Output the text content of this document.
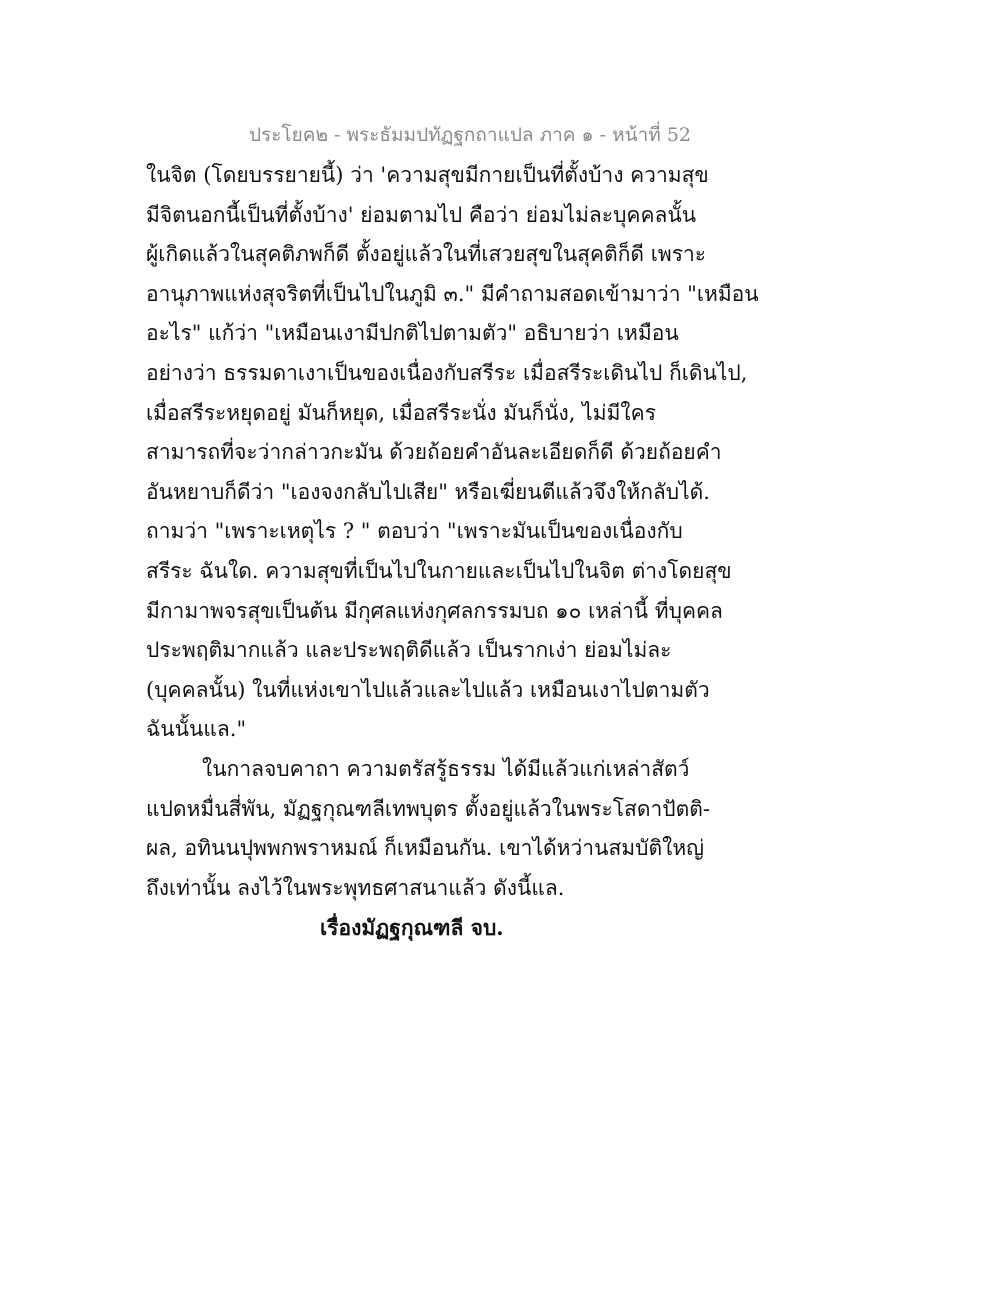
ประโยค๒ - พระธัมมปทัฏฐกถาแปล ภาค ๑ - หน้าที่ 52
ในจิต (โดยบรรยายนี้) ว่า 'ความสุขมีกายเป็นที่ตั้งบ้าง ความสุข
มีจิตนอกนี้เป็นที่ตั้งบ้าง' ย่อมตามไป คือว่า ย่อมไม่ละบุคคลนั้น
ผู้เกิดแล้วในสุคติภพก็ดี ตั้งอยู่แล้วในที่เสวยสุขในสุคติก็ดี เพราะ
อานุภาพแห่งสุจริตที่เป็นไปในภูมิ ๓." มีคำถามสอดเข้ามาว่า "เหมือน
อะไร" แก้ว่า "เหมือนเงามีปกติไปตามตัว" อธิบายว่า เหมือน
อย่างว่า ธรรมดาเงาเป็นของเนื่องกับสรีระ เมื่อสรีระเดินไป ก็เดินไป,
เมื่อสรีระหยุดอยู่ มันก็หยุด, เมื่อสรีระนั่ง มันก็นั่ง, ไม่มีใคร
สามารถที่จะว่ากล่าวกะมัน ด้วยถ้อยคำอันละเอียดก็ดี ด้วยถ้อยคำ
อันหยาบก็ดีว่า "เองจงกลับไปเสีย" หรือเฆี่ยนตีแล้วจึงให้กลับได้.
ถามว่า "เพราะเหตุไร ? " ตอบว่า "เพราะมันเป็นของเนื่องกับ
สรีระ ฉันใด. ความสุขที่เป็นไปในกายและเป็นไปในจิต ต่างโดยสุข
มีกามาพจรสุขเป็นต้น มีกุศลแห่งกุศลกรรมบถ ๑๐ เหล่านี้ ที่บุคคล
ประพฤติมากแล้ว และประพฤติดีแล้ว เป็นรากเง่า ย่อมไม่ละ
(บุคคลนั้น) ในที่แห่งเขาไปแล้วและไปแล้ว เหมือนเงาไปตามตัว
ฉันนั้นแล."
ในกาลจบคาถา ความตรัสรู้ธรรม ได้มีแล้วแก่เหล่าสัตว์
แปดหมื่นสี่พัน, มัฏฐกุณฑลีเทพบุตร ตั้งอยู่แล้วในพระโสดาปัตติ-
ผล, อทินนปุพพกพราหมณ์ ก็เหมือนกัน. เขาได้หว่านสมบัติใหญ่
ถึงเท่านั้น ลงไว้ในพระพุทธศาสนาแล้ว ดังนี้แล.
เรื่องมัฏฐกุณฑลี จบ.
